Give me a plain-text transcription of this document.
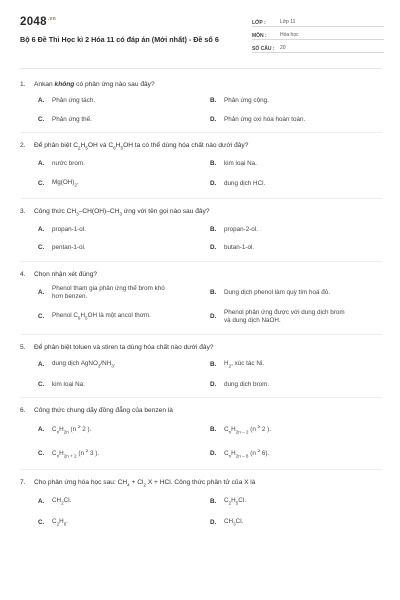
$2048^{.vn}$
Bộ 6 Đề Thi Học kì 2 Hóa 11 có đáp án (Mới nhất) - Đề số 6
LỚP :	Lớp 11
MÔN :	Hóa học
SỐ CÂU :	20
1.	Ankan không có phản ứng nào sau đây?
A.	Phản ứng tách.	B.	Phản ứng cộng.
C.	Phản ứng thế.	D.	Phản ứng oxi hóa hoàn toàn.
2.	Để phân biệt $C_2H_5OH$ và $C_6H_5OH$ ta có thể dùng hóa chất nào dưới đây?
A.	nước brom.	B.	kim loại Na.
C.	$Mg(OH)_2$.	D.	dung dịch HCl.
3.	Công thức $CH_3-CH(OH)-CH_3$ ứng với tên gọi nào sau đây?
A.	propan-1-ol.	B.	propan-2-ol.
C.	pentan-1-ol.	D.	butan-1-ol.
4.	Chọn nhận xét đúng?
A.
Phenol tham gia phản ứng thế brom khó
hơn benzen.
B.	Dung dịch phenol làm quỳ tím hoá đỏ.
C.	Phenol $C_6H_5OH$ là một ancol thơm.	D.
Phenol phản ứng được với dung dịch brom
và dung dịch NaOH.
5.	Để phân biệt toluen và stiren ta dùng hóa chất nào dưới đây?
A.	dung dịch $AgNO_3/NH_3$.	B.	$H_2$, xúc tác Ni.
C.	kim loại Na.	D.	dung dịch brom.
6.	Công thức chung dãy đồng đẳng của benzen là
A.	$C_nH_{2n}$ (n ≥ 2 ).	B.	$C_nH_{2n - 2}$ (n ≥ 2 ).
C.	$C_nH_{2n + 2}$ (n ≥ 3 ).	D.	$C_nH_{2n - 6}$ (n ≥ 6).
7.	Cho phản ứng hóa học sau: $CH_4 + Cl_2$ X + HCl. Công thức phân tử của X là
A.	$CH_2Cl$.	B.	$C_2H_5Cl$.
C.	$C_2H_6$.	D.	$CH_3Cl$.
